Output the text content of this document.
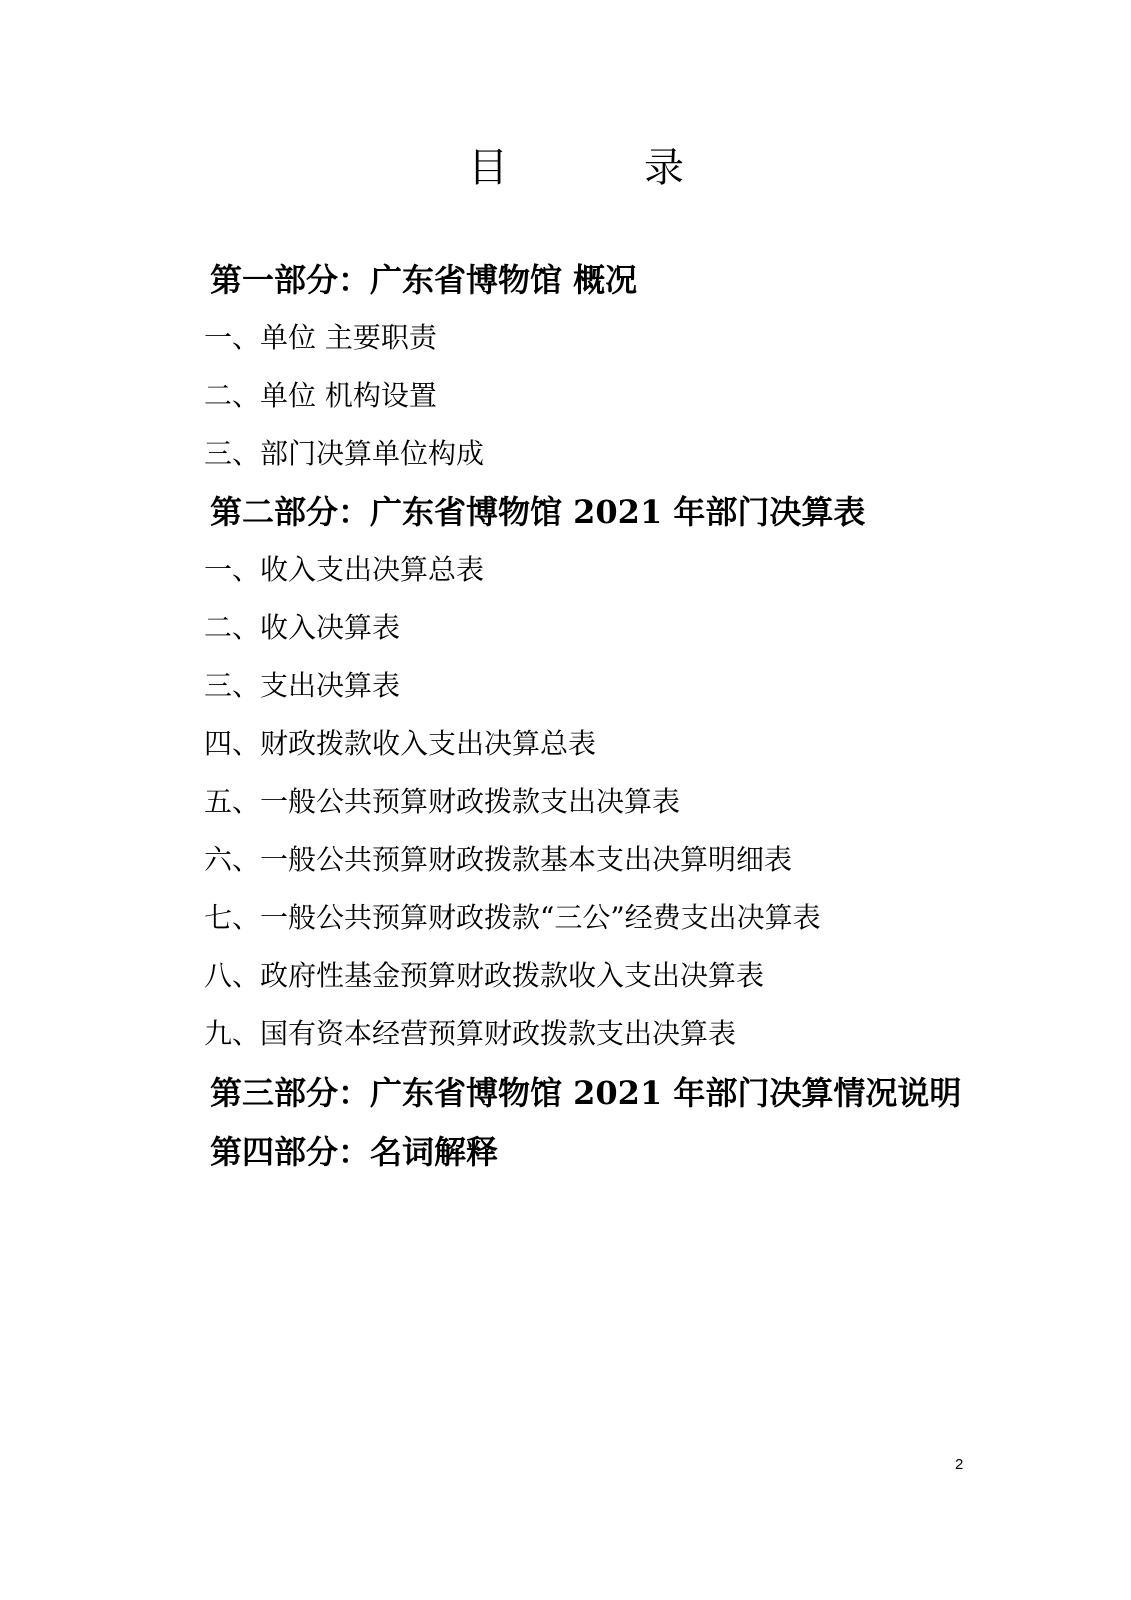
目	录
第一部分：广东省博物馆 概况
一、单位 主要职责
二、单位 机构设置
三、部门决算单位构成
第二部分：广东省博物馆 2021 年部门决算表
一、收入支出决算总表
二、收入决算表
三、支出决算表
四、财政拨款收入支出决算总表
五、一般公共预算财政拨款支出决算表
六、一般公共预算财政拨款基本支出决算明细表
七、一般公共预算财政拨款“三公”经费支出决算表
八、政府性基金预算财政拨款收入支出决算表
九、国有资本经营预算财政拨款支出决算表
第三部分：广东省博物馆 2021 年部门决算情况说明
第四部分：名词解释
2
